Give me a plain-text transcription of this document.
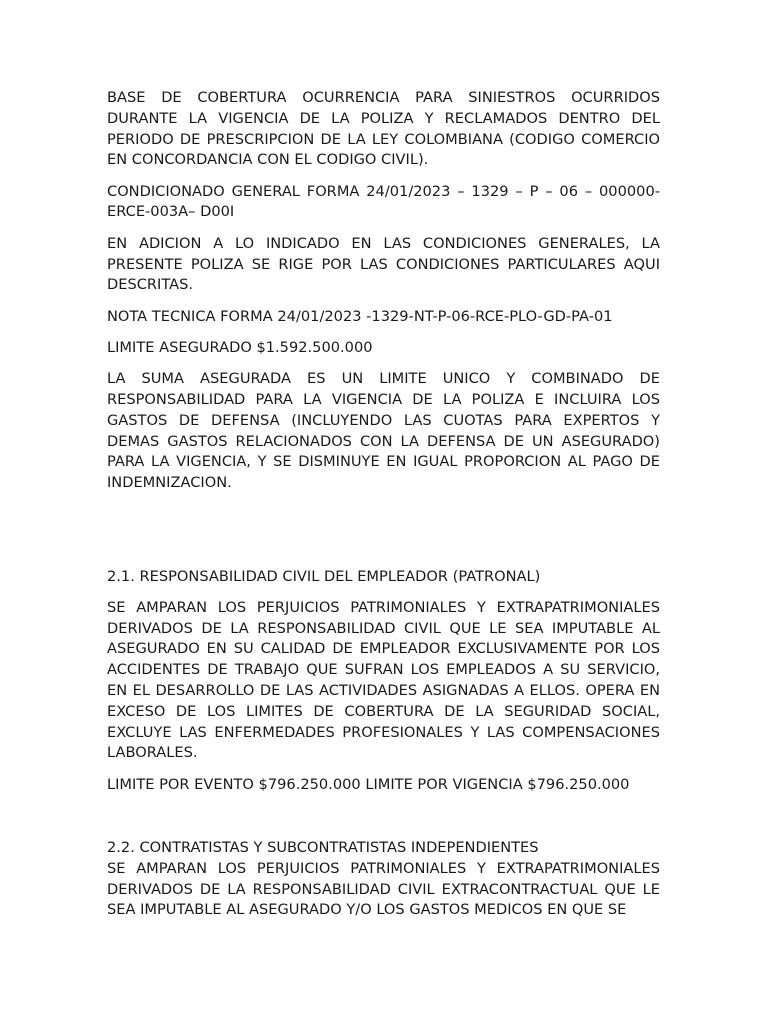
BASE DE COBERTURA OCURRENCIA PARA SINIESTROS OCURRIDOS DURANTE LA VIGENCIA DE LA POLIZA Y RECLAMADOS DENTRO DEL PERIODO DE PRESCRIPCION DE LA LEY COLOMBIANA (CODIGO COMERCIO EN CONCORDANCIA CON EL CODIGO CIVIL).

CONDICIONADO GENERAL FORMA 24/01/2023 – 1329 – P – 06 – 000000-ERCE-003A– D00I

EN ADICION A LO INDICADO EN LAS CONDICIONES GENERALES, LA PRESENTE POLIZA SE RIGE POR LAS CONDICIONES PARTICULARES AQUI DESCRITAS.

NOTA TECNICA FORMA 24/01/2023 -1329-NT-P-06-RCE-PLO-GD-PA-01

LIMITE ASEGURADO $1.592.500.000

LA SUMA ASEGURADA ES UN LIMITE UNICO Y COMBINADO DE RESPONSABILIDAD PARA LA VIGENCIA DE LA POLIZA E INCLUIRA LOS GASTOS DE DEFENSA (INCLUYENDO LAS CUOTAS PARA EXPERTOS Y DEMAS GASTOS RELACIONADOS CON LA DEFENSA DE UN ASEGURADO) PARA LA VIGENCIA, Y SE DISMINUYE EN IGUAL PROPORCION AL PAGO DE INDEMNIZACION.

2.1. RESPONSABILIDAD CIVIL DEL EMPLEADOR (PATRONAL)

SE AMPARAN LOS PERJUICIOS PATRIMONIALES Y EXTRAPATRIMONIALES DERIVADOS DE LA RESPONSABILIDAD CIVIL QUE LE SEA IMPUTABLE AL ASEGURADO EN SU CALIDAD DE EMPLEADOR EXCLUSIVAMENTE POR LOS ACCIDENTES DE TRABAJO QUE SUFRAN LOS EMPLEADOS A SU SERVICIO, EN EL DESARROLLO DE LAS ACTIVIDADES ASIGNADAS A ELLOS. OPERA EN EXCESO DE LOS LIMITES DE COBERTURA DE LA SEGURIDAD SOCIAL, EXCLUYE LAS ENFERMEDADES PROFESIONALES Y LAS COMPENSACIONES LABORALES.

LIMITE POR EVENTO $796.250.000 LIMITE POR VIGENCIA $796.250.000

2.2. CONTRATISTAS Y SUBCONTRATISTAS INDEPENDIENTES

SE AMPARAN LOS PERJUICIOS PATRIMONIALES Y EXTRAPATRIMONIALES DERIVADOS DE LA RESPONSABILIDAD CIVIL EXTRACONTRACTUAL QUE LE SEA IMPUTABLE AL ASEGURADO Y/O LOS GASTOS MEDICOS EN QUE SE
